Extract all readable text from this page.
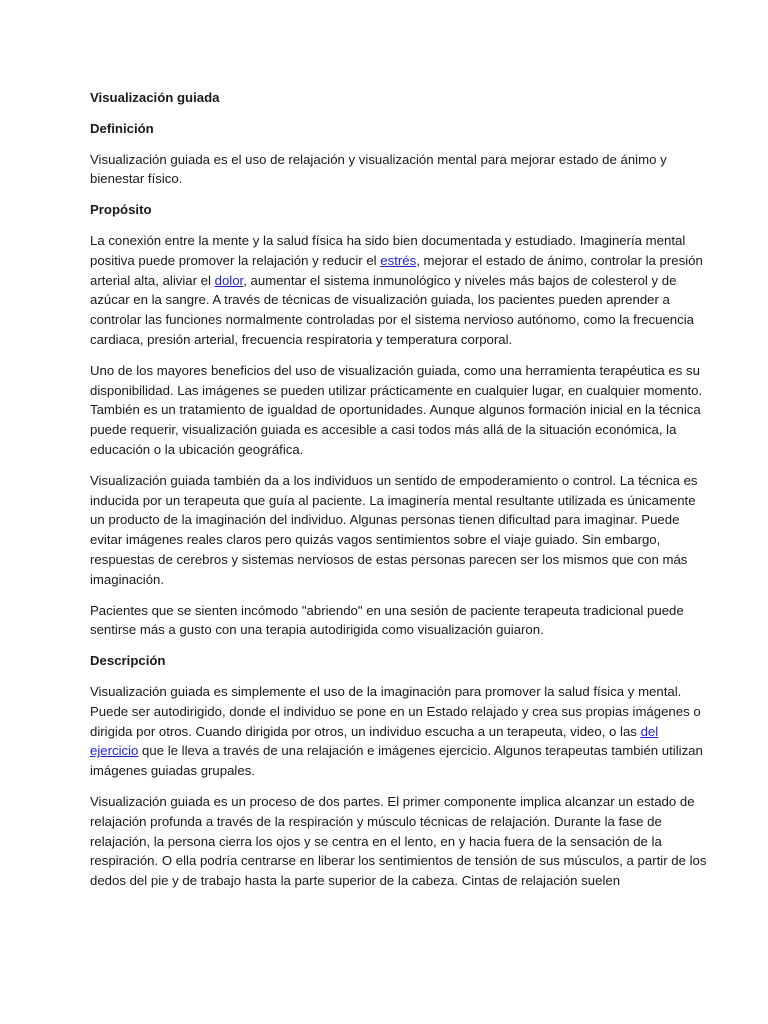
Visualización guiada
Definición
Visualización guiada es el uso de relajación y visualización mental para mejorar estado de ánimo y bienestar físico.
Propósito
La conexión entre la mente y la salud física ha sido bien documentada y estudiado. Imaginería mental positiva puede promover la relajación y reducir el estrés, mejorar el estado de ánimo, controlar la presión arterial alta, aliviar el dolor, aumentar el sistema inmunológico y niveles más bajos de colesterol y de azúcar en la sangre. A través de técnicas de visualización guiada, los pacientes pueden aprender a controlar las funciones normalmente controladas por el sistema nervioso autónomo, como la frecuencia cardiaca, presión arterial, frecuencia respiratoria y temperatura corporal.
Uno de los mayores beneficios del uso de visualización guiada, como una herramienta terapéutica es su disponibilidad. Las imágenes se pueden utilizar prácticamente en cualquier lugar, en cualquier momento. También es un tratamiento de igualdad de oportunidades. Aunque algunos formación inicial en la técnica puede requerir, visualización guiada es accesible a casi todos más allá de la situación económica, la educación o la ubicación geográfica.
Visualización guiada también da a los individuos un sentido de empoderamiento o control. La técnica es inducida por un terapeuta que guía al paciente. La imaginería mental resultante utilizada es únicamente un producto de la imaginación del individuo. Algunas personas tienen dificultad para imaginar. Puede evitar imágenes reales claros pero quizás vagos sentimientos sobre el viaje guiado. Sin embargo, respuestas de cerebros y sistemas nerviosos de estas personas parecen ser los mismos que con más imaginación.
Pacientes que se sienten incómodo "abriendo" en una sesión de paciente terapeuta tradicional puede sentirse más a gusto con una terapia autodirigida como visualización guiaron.
Descripción
Visualización guiada es simplemente el uso de la imaginación para promover la salud física y mental. Puede ser autodirigido, donde el individuo se pone en un Estado relajado y crea sus propias imágenes o dirigida por otros. Cuando dirigida por otros, un individuo escucha a un terapeuta, video, o las del ejercicio que le lleva a través de una relajación e imágenes ejercicio. Algunos terapeutas también utilizan imágenes guiadas grupales.
Visualización guiada es un proceso de dos partes. El primer componente implica alcanzar un estado de relajación profunda a través de la respiración y músculo técnicas de relajación. Durante la fase de relajación, la persona cierra los ojos y se centra en el lento, en y hacia fuera de la sensación de la respiración. O ella podría centrarse en liberar los sentimientos de tensión de sus músculos, a partir de los dedos del pie y de trabajo hasta la parte superior de la cabeza. Cintas de relajación suelen
